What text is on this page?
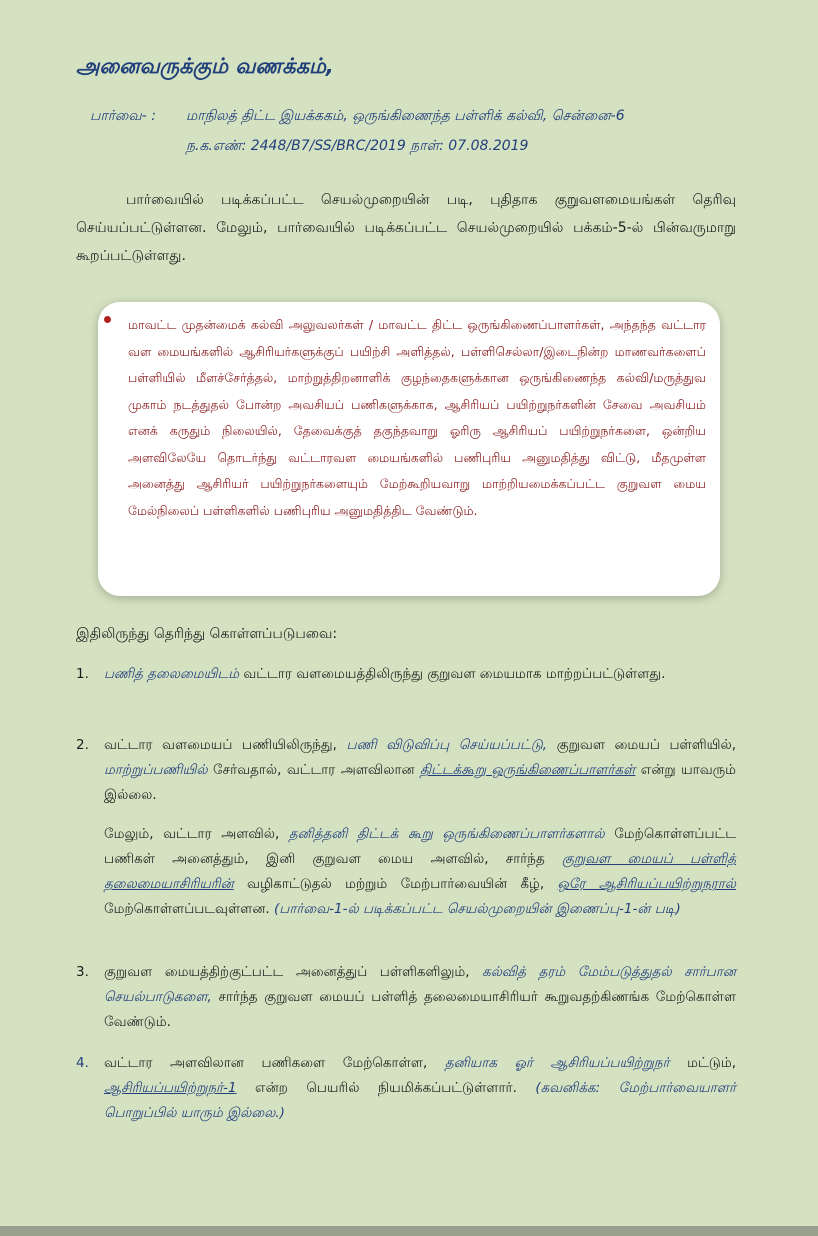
அனைவருக்கும் வணக்கம்,
பார்வை- : மாநிலத் திட்ட இயக்ககம், ஒருங்கிணைந்த பள்ளிக் கல்வி, சென்னை-6
ந.க.எண்: 2448/B7/SS/BRC/2019 நாள்: 07.08.2019
பார்வையில் படிக்கப்பட்ட செயல்முறையின் படி, புதிதாக குறுவளமையங்கள் தெரிவு செய்யப்பட்டுள்ளன. மேலும், பார்வையில் படிக்கப்பட்ட செயல்முறையில் பக்கம்-5-ல் பின்வருமாறு கூறப்பட்டுள்ளது.
மாவட்ட முதன்மைக் கல்வி அலுவலர்கள் / மாவட்ட திட்ட ஒருங்கிணைப்பாளர்கள், அந்தந்த வட்டார வள மையங்களில் ஆசிரியர்களுக்குப் பயிற்சி அளித்தல், பள்ளிசெல்லா/இடைநின்ற மாணவர்களைப் பள்ளியில் மீளச்சேர்த்தல், மாற்றுத்திறனாளிக் குழந்தைகளுக்கான ஒருங்கிணைந்த கல்வி/மருத்துவ முகாம் நடத்துதல் போன்ற அவசியப் பணிகளுக்காக, ஆசிரியப் பயிற்றுநர்களின் சேவை அவசியம் எனக் கருதும் நிலையில், தேவைக்குத் தகுந்தவாறு ஓரிரு ஆசிரியப் பயிற்றுநர்களை, ஒன்றிய அளவிலேயே தொடர்ந்து வட்டாரவள மையங்களில் பணிபுரிய அனுமதித்து விட்டு, மீதமுள்ள அனைத்து ஆசிரியர் பயிற்றுநர்களையும் மேற்கூறியவாறு மாற்றியமைக்கப்பட்ட குறுவள மைய மேல்நிலைப் பள்ளிகளில் பணிபுரிய அனுமதித்திட வேண்டும்.
இதிலிருந்து தெரிந்து கொள்ளப்படுபவை:
1. பணித் தலைமையிடம் வட்டார வளமையத்திலிருந்து குறுவள மையமாக மாற்றப்பட்டுள்ளது.
2. வட்டார வளமையப் பணியிலிருந்து, பணி விடுவிப்பு செய்யப்பட்டு, குறுவள மையப் பள்ளியில், மாற்றுப்பணியில் சேர்வதால், வட்டார அளவிலான திட்டக்கூறு ஒருங்கிணைப்பாளர்கள் என்று யாவரும் இல்லை.
மேலும், வட்டார அளவில், தனித்தனி திட்டக் கூறு ஒருங்கிணைப்பாளர்களால் மேற்கொள்ளப்பட்ட பணிகள் அனைத்தும், இனி குறுவள மைய அளவில், சார்ந்த குறுவள மையப் பள்ளித் தலைமையாசிரியரின் வழிகாட்டுதல் மற்றும் மேற்பார்வையின் கீழ், ஒரே ஆசிரியப்பயிற்றுநரால் மேற்கொள்ளப்படவுள்ளன. (பார்வை-1-ல் படிக்கப்பட்ட செயல்முறையின் இணைப்பு-1-ன் படி)
3. குறுவள மையத்திற்குட்பட்ட அனைத்துப் பள்ளிகளிலும், கல்வித் தரம் மேம்படுத்துதல் சார்பான செயல்பாடுகளை, சார்ந்த குறுவள மையப் பள்ளித் தலைமையாசிரியர் கூறுவதற்கிணங்க மேற்கொள்ள வேண்டும்.
4. வட்டார அளவிலான பணிகளை மேற்கொள்ள, தனியாக ஓர் ஆசிரியப்பயிற்றுநர் மட்டும், ஆசிரியப்பயிற்றுநர்-1 என்ற பெயரில் நியமிக்கப்பட்டுள்ளார். (கவனிக்க: மேற்பார்வையாளர் பொறுப்பில் யாரும் இல்லை.)
